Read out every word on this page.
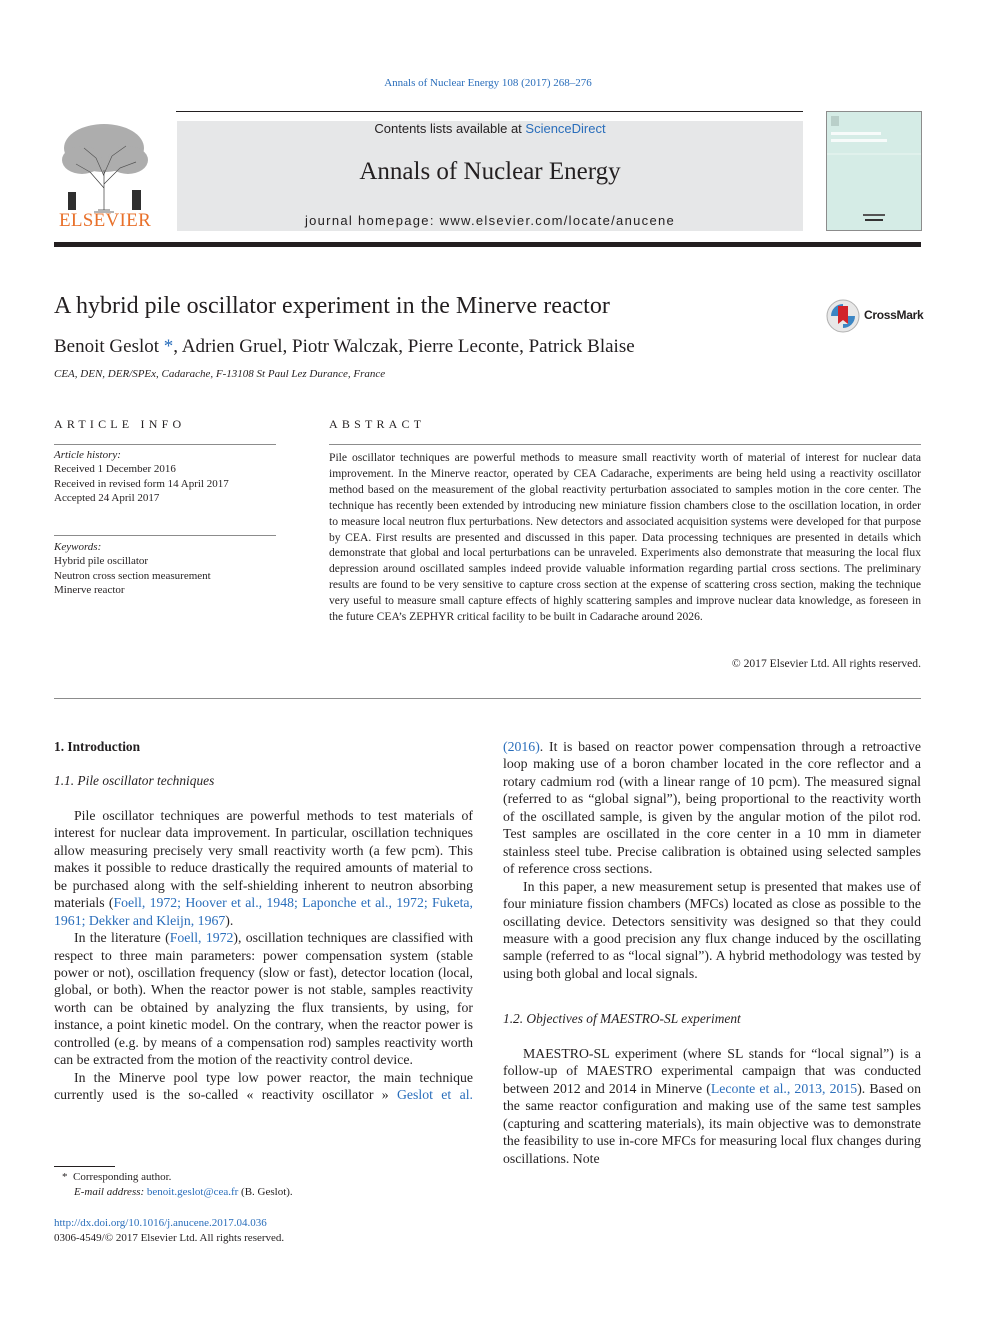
Annals of Nuclear Energy 108 (2017) 268–276
ELSEVIER
Contents lists available at ScienceDirect
Annals of Nuclear Energy
journal homepage: www.elsevier.com/locate/anucene
A hybrid pile oscillator experiment in the Minerve reactor	CrossMark
Benoit Geslot *, Adrien Gruel, Piotr Walczak, Pierre Leconte, Patrick Blaise
CEA, DEN, DER/SPEx, Cadarache, F-13108 St Paul Lez Durance, France
ARTICLE INFO
Article history:
Received 1 December 2016
Received in revised form 14 April 2017
Accepted 24 April 2017
Keywords:
Hybrid pile oscillator
Neutron cross section measurement
Minerve reactor
ABSTRACT
Pile oscillator techniques are powerful methods to measure small reactivity worth of material of interest for nuclear data improvement. In the Minerve reactor, operated by CEA Cadarache, experiments are being held using a reactivity oscillator method based on the measurement of the global reactivity perturbation associated to samples motion in the core center. The technique has recently been extended by introducing new miniature fission chambers close to the oscillation location, in order to measure local neutron flux perturbations. New detectors and associated acquisition systems were developed for that purpose by CEA. First results are presented and discussed in this paper. Data processing techniques are presented in details which demonstrate that global and local perturbations can be unraveled. Experiments also demonstrate that measuring the local flux depression around oscillated samples indeed provide valuable information regarding partial cross sections. The preliminary results are found to be very sensitive to capture cross section at the expense of scattering cross section, making the technique very useful to measure small capture effects of highly scattering samples and improve nuclear data knowledge, as foreseen in the future CEA’s ZEPHYR critical facility to be built in Cadarache around 2026.
© 2017 Elsevier Ltd. All rights reserved.
1. Introduction
1.1. Pile oscillator techniques

Pile oscillator techniques are powerful methods to test materials of interest for nuclear data improvement. In particular, oscillation techniques allow measuring precisely very small reactivity worth (a few pcm). This makes it possible to reduce drastically the required amounts of material to be purchased along with the self-shielding inherent to neutron absorbing materials (Foell, 1972; Hoover et al., 1948; Laponche et al., 1972; Fuketa, 1961; Dekker and Kleijn, 1967).

In the literature (Foell, 1972), oscillation techniques are classified with respect to three main parameters: power compensation system (stable power or not), oscillation frequency (slow or fast), detector location (local, global, or both). When the reactor power is not stable, samples reactivity worth can be obtained by analyzing the flux transients, by using, for instance, a point kinetic model. On the contrary, when the reactor power is controlled (e.g. by means of a compensation rod) samples reactivity worth can be extracted from the motion of the reactivity control device.

In the Minerve pool type low power reactor, the main technique currently used is the so-called « reactivity oscillator » Geslot et al.

* Corresponding author.
E-mail address: benoit.geslot@cea.fr (B. Geslot).
http://dx.doi.org/10.1016/j.anucene.2017.04.036
0306-4549/© 2017 Elsevier Ltd. All rights reserved.

(2016). It is based on reactor power compensation through a retroactive loop making use of a boron chamber located in the core reflector and a rotary cadmium rod (with a linear range of 10 pcm). The measured signal (referred to as “global signal”), being proportional to the reactivity worth of the oscillated sample, is given by the angular motion of the pilot rod. Test samples are oscillated in the core center in a 10 mm in diameter stainless steel tube. Precise calibration is obtained using selected samples of reference cross sections.

In this paper, a new measurement setup is presented that makes use of four miniature fission chambers (MFCs) located as close as possible to the oscillating device. Detectors sensitivity was designed so that they could measure with a good precision any flux change induced by the oscillating sample (referred to as “local signal”). A hybrid methodology was tested by using both global and local signals.

1.2. Objectives of MAESTRO-SL experiment

MAESTRO-SL experiment (where SL stands for “local signal”) is a follow-up of MAESTRO experimental campaign that was conducted between 2012 and 2014 in Minerve (Leconte et al., 2013, 2015). Based on the same reactor configuration and making use of the same test samples (capturing and scattering materials), its main objective was to demonstrate the feasibility to use in-core MFCs for measuring local flux changes during oscillations. Note
